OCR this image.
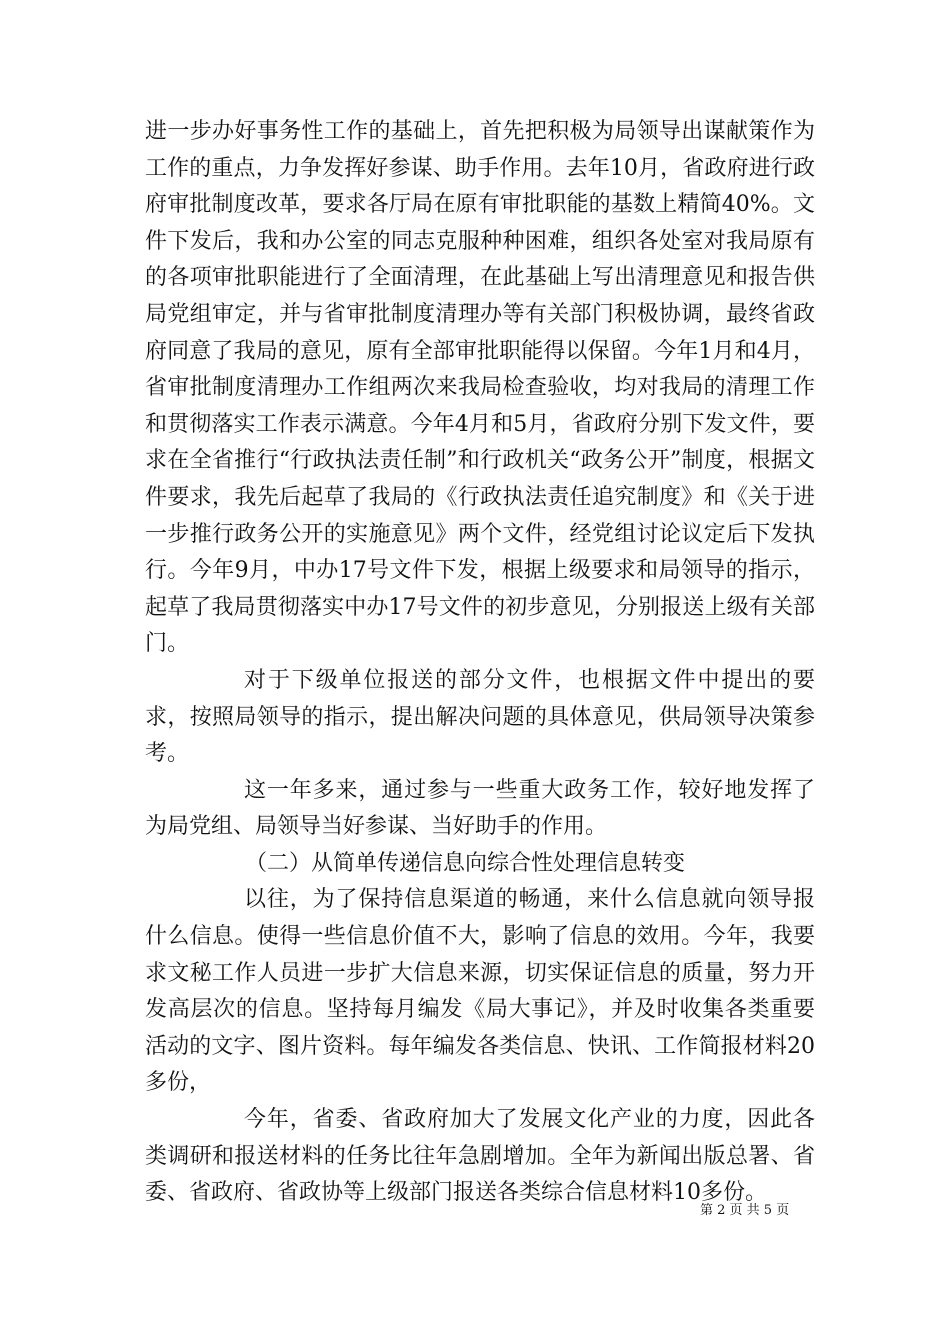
进一步办好事务性工作的基础上，首先把积极为局领导出谋献策作为工作的重点，力争发挥好参谋、助手作用。去年10月，省政府进行政府审批制度改革，要求各厅局在原有审批职能的基数上精简40%。文件下发后，我和办公室的同志克服种种困难，组织各处室对我局原有的各项审批职能进行了全面清理，在此基础上写出清理意见和报告供局党组审定，并与省审批制度清理办等有关部门积极协调，最终省政府同意了我局的意见，原有全部审批职能得以保留。今年1月和4月，省审批制度清理办工作组两次来我局检查验收，均对我局的清理工作和贯彻落实工作表示满意。今年4月和5月，省政府分别下发文件，要求在全省推行“行政执法责任制”和行政机关“政务公开”制度，根据文件要求，我先后起草了我局的《行政执法责任追究制度》和《关于进一步推行政务公开的实施意见》两个文件，经党组讨论议定后下发执行。今年9月，中办17号文件下发，根据上级要求和局领导的指示，起草了我局贯彻落实中办17号文件的初步意见，分别报送上级有关部门。

对于下级单位报送的部分文件，也根据文件中提出的要求，按照局领导的指示，提出解决问题的具体意见，供局领导决策参考。

这一年多来，通过参与一些重大政务工作，较好地发挥了为局党组、局领导当好参谋、当好助手的作用。

（二）从简单传递信息向综合性处理信息转变

以往，为了保持信息渠道的畅通，来什么信息就向领导报什么信息。使得一些信息价值不大，影响了信息的效用。今年，我要求文秘工作人员进一步扩大信息来源，切实保证信息的质量，努力开发高层次的信息。坚持每月编发《局大事记》，并及时收集各类重要活动的文字、图片资料。每年编发各类信息、快讯、工作简报材料20多份，

今年，省委、省政府加大了发展文化产业的力度，因此各类调研和报送材料的任务比往年急剧增加。全年为新闻出版总署、省委、省政府、省政协等上级部门报送各类综合信息材料10多份。

第 2 页 共 5 页
